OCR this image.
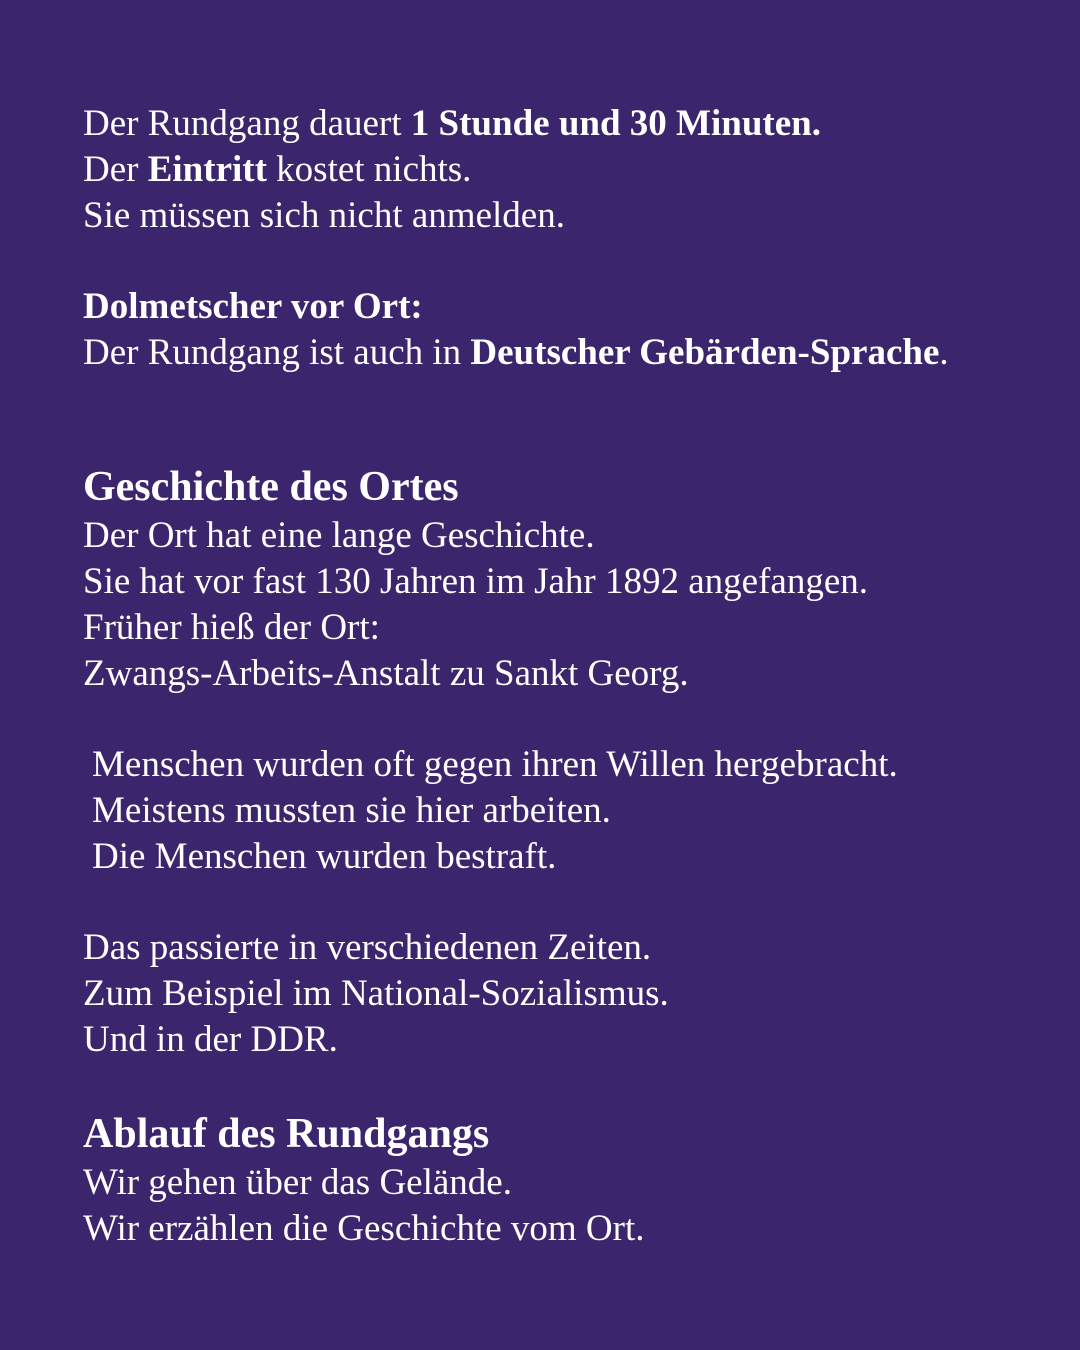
Der Rundgang dauert 1 Stunde und 30 Minuten.
Der Eintritt kostet nichts.
Sie müssen sich nicht anmelden.
Dolmetscher vor Ort:
Der Rundgang ist auch in Deutscher Gebärden-Sprache.
Geschichte des Ortes
Der Ort hat eine lange Geschichte.
Sie hat vor fast 130 Jahren im Jahr 1892 angefangen.
Früher hieß der Ort:
Zwangs-Arbeits-Anstalt zu Sankt Georg.
Menschen wurden oft gegen ihren Willen hergebracht.
Meistens mussten sie hier arbeiten.
Die Menschen wurden bestraft.
Das passierte in verschiedenen Zeiten.
Zum Beispiel im National-Sozialismus.
Und in der DDR.
Ablauf des Rundgangs
Wir gehen über das Gelände.
Wir erzählen die Geschichte vom Ort.
